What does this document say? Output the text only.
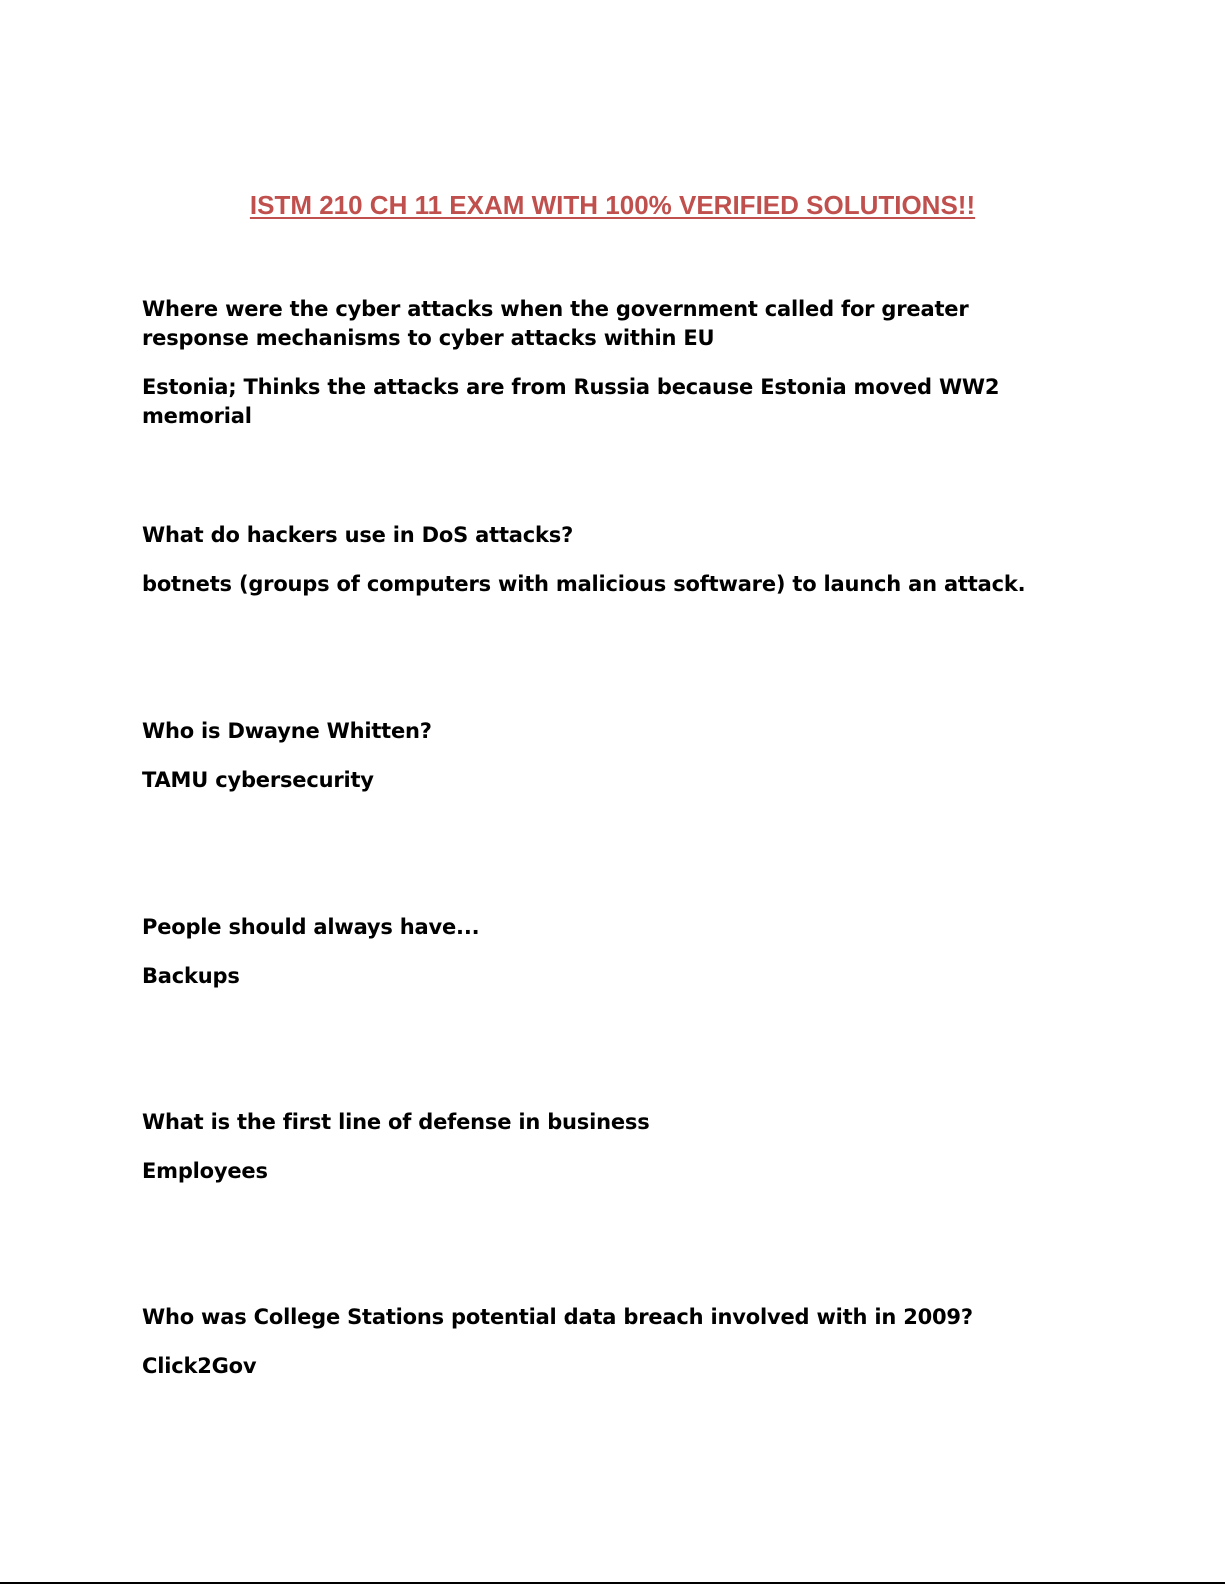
ISTM 210 CH 11 EXAM WITH 100% VERIFIED SOLUTIONS!!

Where were the cyber attacks when the government called for greater response mechanisms to cyber attacks within EU

Estonia; Thinks the attacks are from Russia because Estonia moved WW2 memorial

What do hackers use in DoS attacks?

botnets (groups of computers with malicious software) to launch an attack.

Who is Dwayne Whitten?

TAMU cybersecurity

People should always have...

Backups

What is the first line of defense in business

Employees

Who was College Stations potential data breach involved with in 2009?

Click2Gov
